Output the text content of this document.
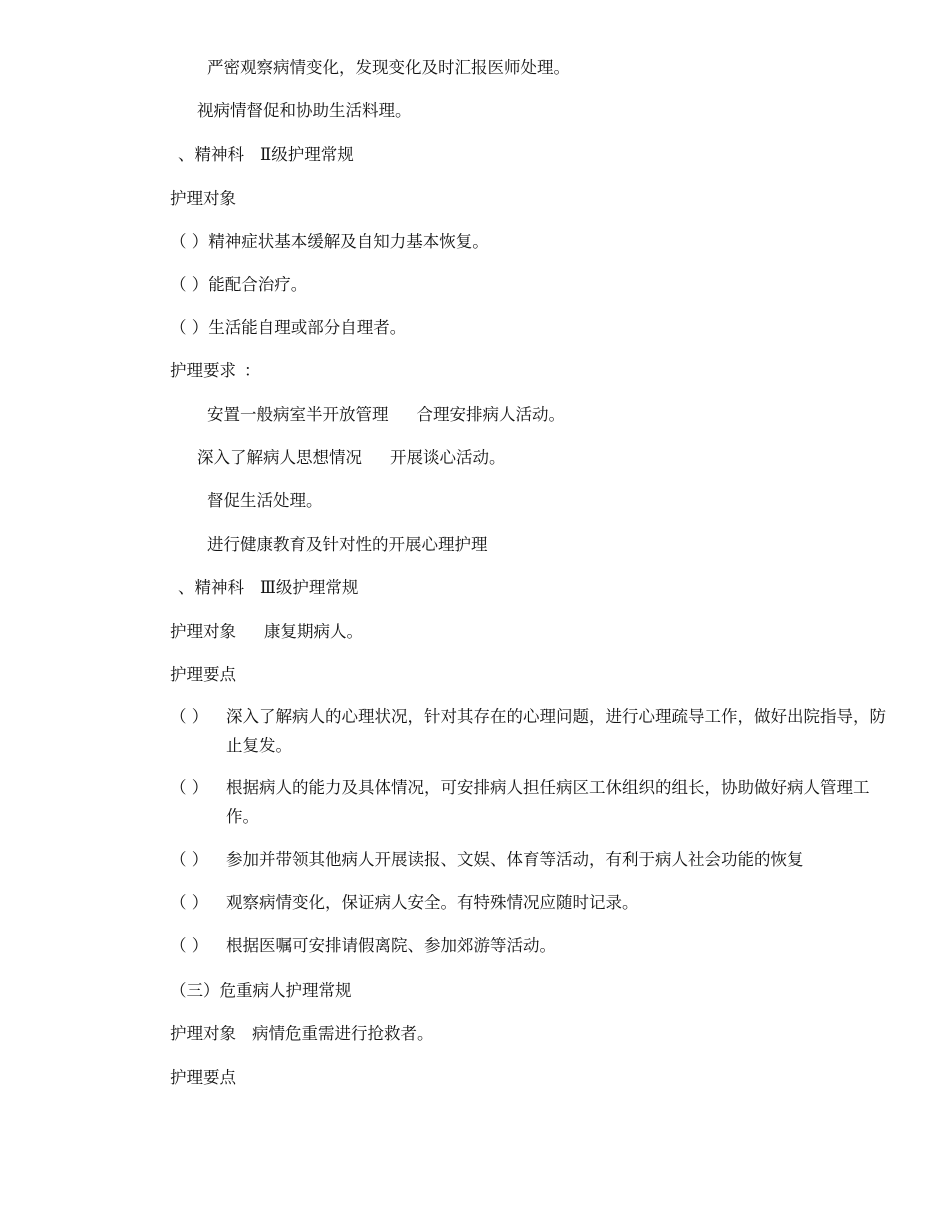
严密观察病情变化，发现变化及时汇报医师处理。
视病情督促和协助生活料理。
、精神科 Ⅱ级护理常规
护理对象
（ ）精神症状基本缓解及自知力基本恢复。
（ ）能配合治疗。
（ ）生活能自理或部分自理者。
护理要求 ：
安置一般病室半开放管理 合理安排病人活动。
深入了解病人思想情况 开展谈心活动。
督促生活处理。
进行健康教育及针对性的开展心理护理
、精神科 Ⅲ级护理常规
护理对象 康复期病人。
护理要点
（ ） 深入了解病人的心理状况，针对其存在的心理问题，进行心理疏导工作，做好出院指导，防止复发。
（ ） 根据病人的能力及具体情况，可安排病人担任病区工休组织的组长，协助做好病人管理工作。
（ ） 参加并带领其他病人开展读报、文娱、体育等活动，有利于病人社会功能的恢复
（ ） 观察病情变化，保证病人安全。有特殊情况应随时记录。
（ ） 根据医嘱可安排请假离院、参加郊游等活动。
（三）危重病人护理常规
护理对象 病情危重需进行抢救者。
护理要点
